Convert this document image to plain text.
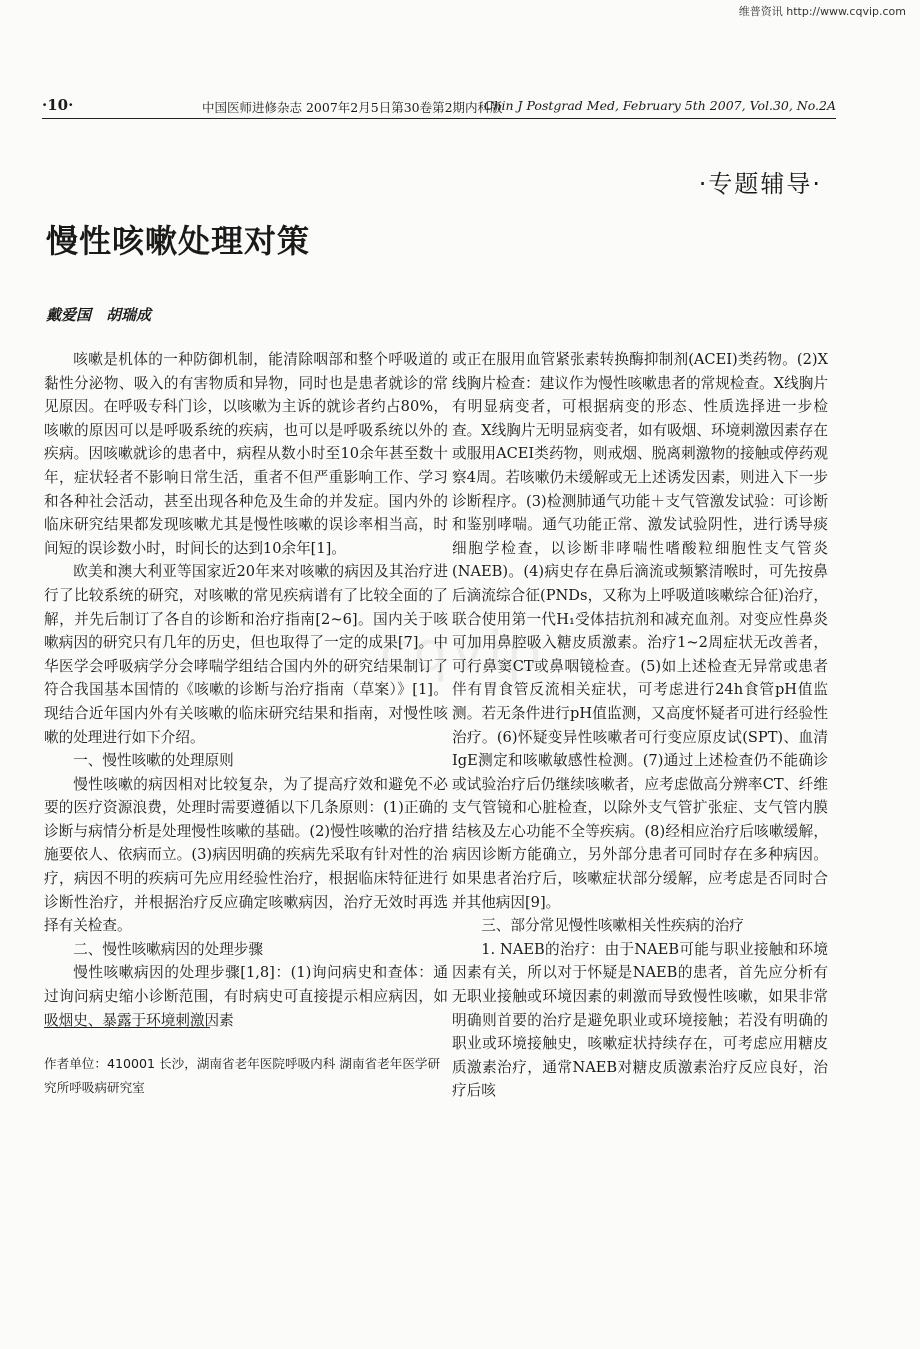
维普资讯 http://www.cqvip.com
·10·	中国医师进修杂志 2007年2月5日第30卷第2期内科版
Chin J Postgrad Med, February 5th 2007, Vol.30, No.2A
·专题辅导·
慢性咳嗽处理对策
戴爱国　胡瑞成
cqvip

咳嗽是机体的一种防御机制，能清除咽部和整个呼吸道的黏性分泌物、吸入的有害物质和异物，同时也是患者就诊的常见原因。在呼吸专科门诊，以咳嗽为主诉的就诊者约占80%，咳嗽的原因可以是呼吸系统的疾病，也可以是呼吸系统以外的疾病。因咳嗽就诊的患者中，病程从数小时至10余年甚至数十年，症状轻者不影响日常生活，重者不但严重影响工作、学习和各种社会活动，甚至出现各种危及生命的并发症。国内外的临床研究结果都发现咳嗽尤其是慢性咳嗽的误诊率相当高，时间短的误诊数小时，时间长的达到10余年[1]。

欧美和澳大利亚等国家近20年来对咳嗽的病因及其治疗进行了比较系统的研究，对咳嗽的常见疾病谱有了比较全面的了解，并先后制订了各自的诊断和治疗指南[2~6]。国内关于咳嗽病因的研究只有几年的历史，但也取得了一定的成果[7]。中华医学会呼吸病学分会哮喘学组结合国内外的研究结果制订了符合我国基本国情的《咳嗽的诊断与治疗指南（草案）》[1]。现结合近年国内外有关咳嗽的临床研究结果和指南，对慢性咳嗽的处理进行如下介绍。

一、慢性咳嗽的处理原则

慢性咳嗽的病因相对比较复杂，为了提高疗效和避免不必要的医疗资源浪费，处理时需要遵循以下几条原则：(1)正确的诊断与病情分析是处理慢性咳嗽的基础。(2)慢性咳嗽的治疗措施要依人、依病而立。(3)病因明确的疾病先采取有针对性的治疗，病因不明的疾病可先应用经验性治疗，根据临床特征进行诊断性治疗，并根据治疗反应确定咳嗽病因，治疗无效时再选择有关检查。

二、慢性咳嗽病因的处理步骤

慢性咳嗽病因的处理步骤[1,8]：(1)询问病史和查体：通过询问病史缩小诊断范围，有时病史可直接提示相应病因，如吸烟史、暴露于环境刺激因素

或正在服用血管紧张素转换酶抑制剂(ACEI)类药物。(2)X线胸片检查：建议作为慢性咳嗽患者的常规检查。X线胸片有明显病变者，可根据病变的形态、性质选择进一步检查。X线胸片无明显病变者，如有吸烟、环境刺激因素存在或服用ACEI类药物，则戒烟、脱离刺激物的接触或停药观察4周。若咳嗽仍未缓解或无上述诱发因素，则进入下一步诊断程序。(3)检测肺通气功能＋支气管激发试验：可诊断和鉴别哮喘。通气功能正常、激发试验阴性，进行诱导痰细胞学检查，以诊断非哮喘性嗜酸粒细胞性支气管炎(NAEB)。(4)病史存在鼻后滴流或频繁清喉时，可先按鼻后滴流综合征(PNDs，又称为上呼吸道咳嗽综合征)治疗，联合使用第一代H₁受体拮抗剂和减充血剂。对变应性鼻炎可加用鼻腔吸入糖皮质激素。治疗1~2周症状无改善者，可行鼻窦CT或鼻咽镜检查。(5)如上述检查无异常或患者伴有胃食管反流相关症状，可考虑进行24h食管pH值监测。若无条件进行pH值监测，又高度怀疑者可进行经验性治疗。(6)怀疑变异性咳嗽者可行变应原皮试(SPT)、血清IgE测定和咳嗽敏感性检测。(7)通过上述检查仍不能确诊或试验治疗后仍继续咳嗽者，应考虑做高分辨率CT、纤维支气管镜和心脏检查，以除外支气管扩张症、支气管内膜结核及左心功能不全等疾病。(8)经相应治疗后咳嗽缓解，病因诊断方能确立，另外部分患者可同时存在多种病因。如果患者治疗后，咳嗽症状部分缓解，应考虑是否同时合并其他病因[9]。

三、部分常见慢性咳嗽相关性疾病的治疗

1. NAEB的治疗：由于NAEB可能与职业接触和环境因素有关，所以对于怀疑是NAEB的患者，首先应分析有无职业接触或环境因素的刺激而导致慢性咳嗽，如果非常明确则首要的治疗是避免职业或环境接触；若没有明确的职业或环境接触史，咳嗽症状持续存在，可考虑应用糖皮质激素治疗，通常NAEB对糖皮质激素治疗反应良好，治疗后咳

作者单位：410001 长沙，湖南省老年医院呼吸内科 湖南省老年医学研究所呼吸病研究室
